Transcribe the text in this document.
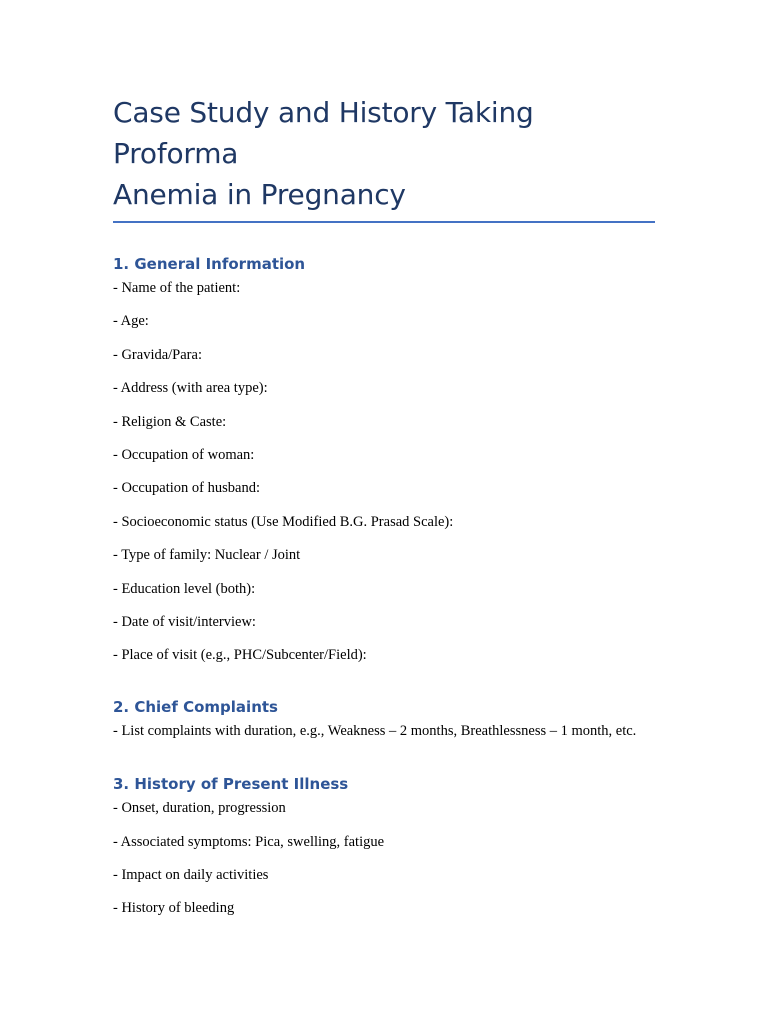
Case Study and History Taking Proforma
Anemia in Pregnancy
1. General Information
- Name of the patient:
- Age:
- Gravida/Para:
- Address (with area type):
- Religion & Caste:
- Occupation of woman:
- Occupation of husband:
- Socioeconomic status (Use Modified B.G. Prasad Scale):
- Type of family: Nuclear / Joint
- Education level (both):
- Date of visit/interview:
- Place of visit (e.g., PHC/Subcenter/Field):
2. Chief Complaints
- List complaints with duration, e.g., Weakness – 2 months, Breathlessness – 1 month, etc.
3. History of Present Illness
- Onset, duration, progression
- Associated symptoms: Pica, swelling, fatigue
- Impact on daily activities
- History of bleeding
